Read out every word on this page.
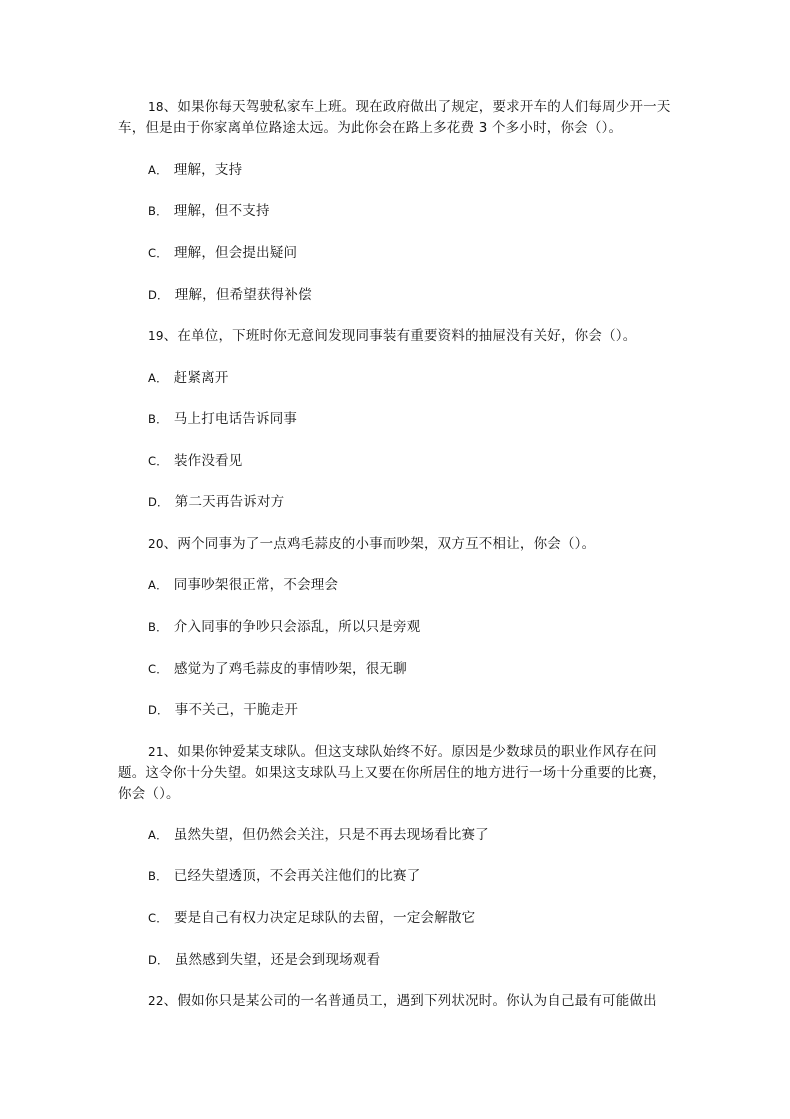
18、如果你每天驾驶私家车上班。现在政府做出了规定，要求开车的人们每周少开一天车，但是由于你家离单位路途太远。为此你会在路上多花费 3 个多小时，你会（）。

A． 理解，支持

B． 理解，但不支持

C． 理解，但会提出疑问

D． 理解，但希望获得补偿

19、在单位，下班时你无意间发现同事装有重要资料的抽屉没有关好，你会（）。

A． 赶紧离开

B． 马上打电话告诉同事

C． 装作没看见

D． 第二天再告诉对方

20、两个同事为了一点鸡毛蒜皮的小事而吵架，双方互不相让，你会（）。

A． 同事吵架很正常，不会理会

B． 介入同事的争吵只会添乱，所以只是旁观

C． 感觉为了鸡毛蒜皮的事情吵架，很无聊

D． 事不关己，干脆走开

21、如果你钟爱某支球队。但这支球队始终不好。原因是少数球员的职业作风存在问题。这令你十分失望。如果这支球队马上又要在你所居住的地方进行一场十分重要的比赛，你会（）。

A． 虽然失望，但仍然会关注，只是不再去现场看比赛了

B． 已经失望透顶，不会再关注他们的比赛了

C． 要是自己有权力决定足球队的去留，一定会解散它

D． 虽然感到失望，还是会到现场观看

22、假如你只是某公司的一名普通员工，遇到下列状况时。你认为自己最有可能做出
